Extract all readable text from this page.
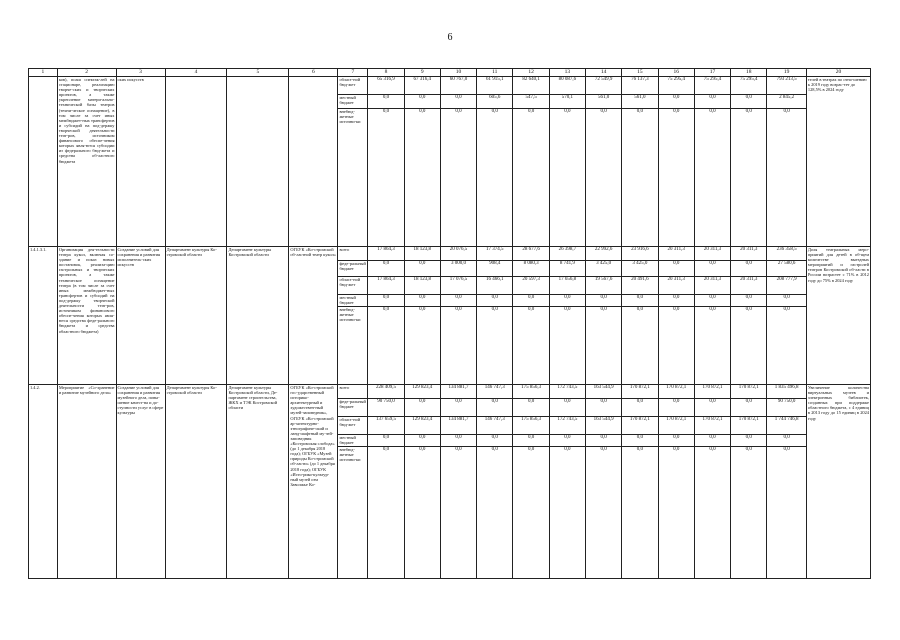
6
1	2	3	4	5	6	7	8	9	10	11	12	13	14	15	16	17	18	19	20
	ков), поаш спектак-лей на стационаре, реализацию творче-ских и творческих проектов, а также укрепление матери-ально-технической базы театров (техни-ческое оснащение), в том числе за счет иных межбюджет-ных трансфертов и субсидий на под-держку творческой деятельности теат-ров, источником финансового обеспе-чения которых явля-ются субсидии из федерального бюд-жета и средства об-ластного бюджета	ских искусств				област-ной бюд-жет	65 316,9	67 316,4	60 767,0	61 915,1	82 640,1	80 087,6	72 549,9	76 137,3	75 295,4	75 295,4	75 295,4	793 213,5	телей в театрах по отно-шению к 2019 году возрас-тет до 128,5% в 2024 году
						местный бюджет	0,0	0,0	0,0	605,6	547,5	570,1	561,0	561,0	0,0	0,0	0,0	2 845,2	
						внебюд-жетные источни-ки	0,0	0,0	0,0	0,0	0,0	0,0	0,0	0,0	0,0	0,0	0,0	0,0	
1.4.1.3.1.	Организация дея-тельности театра кукол, включая со-здание и показ новых постановок, реализа-цию гастрольных и творческих проектов, а также техническое оснащение театра (в том числе за счет иных межбюджет-ных трансфертов и субсидий на под-держку творческой деятельности теат-ров, источником финансового обеспе-чения которых явля-ются средства феде-рального бюджета и средства областного бюджета)	Создание условий для сохранения и развития исполнитель-ских искусств	Департамент культуры Ко-стромской области	Департамент культуры Костромской области	ОГБУК «Ко-стромской об-ластной театр кукол»	всего	17 864,3	18 123,8	20 076,5	17 374,5	28 677,6	26 398,7	22 992,6	23 916,6	20 311,3	20 311,3	20 311,3	236 358,5	Доля театральных меро-приятий для детей в об-щем количестве выездных мероприятий и гастролей театров Костромской об-ласти в России возрастет с 71% в 2012 году до 75% в 2024 году
						феде-ральный бюджет	0,0	0,0	3 000,0	908,4	8 080,3	8 741,9	3 425,0	3 425,0	0,0	0,0	0,0	27 580,6	
						област-ной бюд-жет	17 864,3	18 123,8	17 076,5	16 466,1	20 597,3	17 656,8	19 567,6	20 491,6	20 311,3	20 311,3	20 311,3	208 777,9	
						местный бюджет	0,0	0,0	0,0	0,0	0,0	0,0	0,0	0,0	0,0	0,0	0,0	0,0	
						внебюд-жетные источни-ки	0,0	0,0	0,0	0,0	0,0	0,0	0,0	0,0	0,0	0,0	0,0	0,0	
1.4.2.	Мероприятие «Со-хранение и развитие музейного дела»	Создание условий для сохранения и развития музейного дела, повы-шение качест-ва и до-ступности услуг в сфере культуры	Департамент культуры Ко-стромской области	Департамент культуры Костромской области, Де-партамент строительства, ЖКХ и ТЭК Костромской области	ОГБУК «Ко-стромской гос-ударственный историко-архитектурный и художествен-ный музей-заповедник», ОГБУК «Ко-стромской ар-хитектурно-этнографиче-ский и ланд-шафтный му-зей-заповедник «Костромская слобода» (до 1 декабря 2018 года); ОГБУК «Музей природы Ко-стромской об-ласти» (до 1 декабря 2018 года); ОГБУК «Исто-рико-культур-ный музей озм Заволжье Ко-	всего	228 409,5	129 823,4	134 881,7	146 747,3	175 856,3	172 743,5	163 544,9	170 872,1	170 872,1	170 872,1	170 872,1	1 835 496,8	Увеличение количества виртуальных музеев и электронных библиотек, созданных при поддержке областного бюджета, с 4 единиц в 2013 году до 15 единиц в 2024 году
						феде-ральный бюджет	90 750,0	0,0	0,0	0,0	0,0	0,0	0,0	0,0	0,0	0,0	0,0	90 750,0	
						област-ной бюд-жет	137 659,5	129 823,4	134 881,7	146 747,3	175 856,3	172 743,5	163 544,9	170 872,1	170 872,1	170 872,1	170 872,1	1 744 746,8	
						местный бюджет	0,0	0,0	0,0	0,0	0,0	0,0	0,0	0,0	0,0	0,0	0,0	0,0	
						внебюд-жетные источни-ки	0,0	0,0	0,0	0,0	0,0	0,0	0,0	0,0	0,0	0,0	0,0	0,0	
